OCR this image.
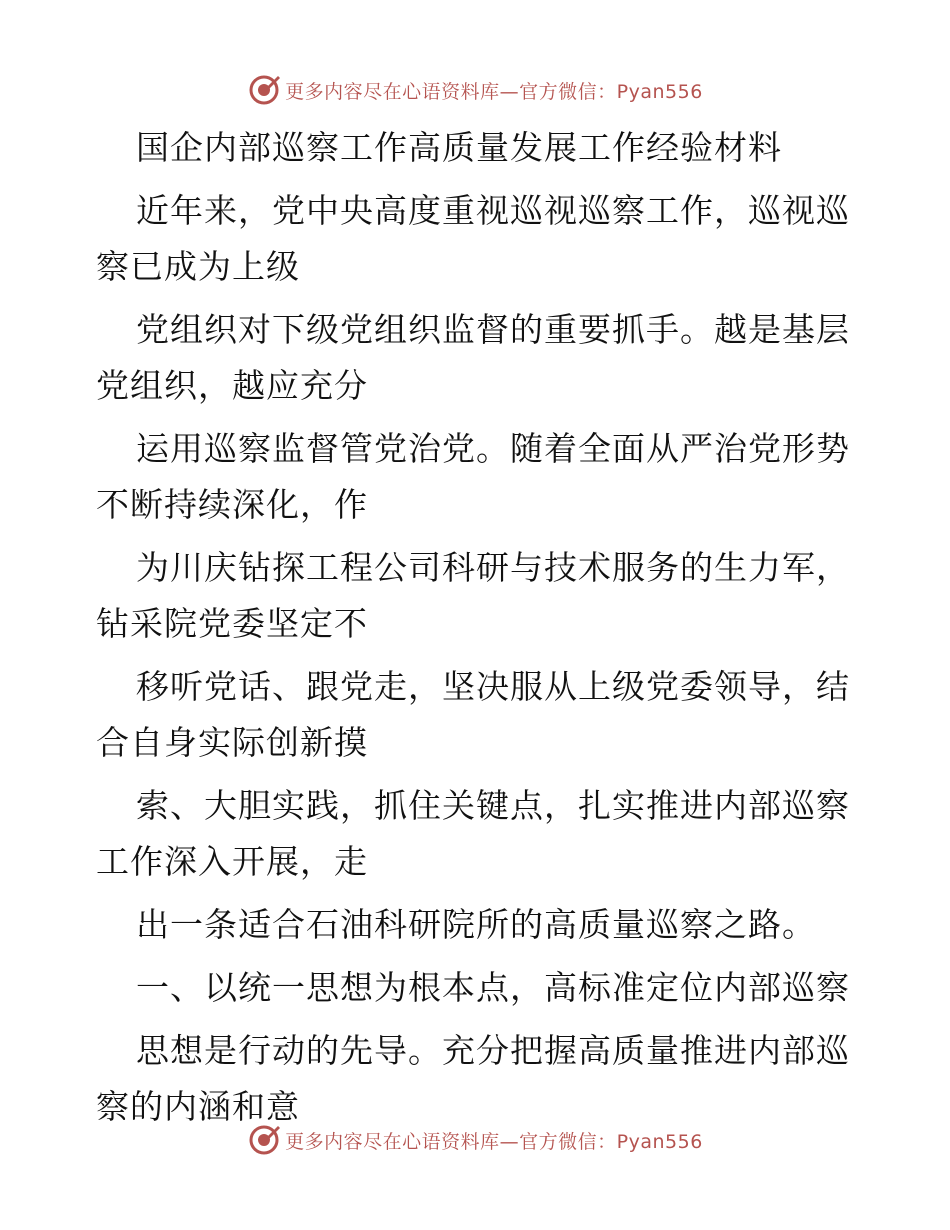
更多内容尽在心语资料库—官方微信：Pyan556
国企内部巡察工作高质量发展工作经验材料
近年来，党中央高度重视巡视巡察工作，巡视巡
察已成为上级
党组织对下级党组织监督的重要抓手。越是基层
党组织，越应充分
运用巡察监督管党治党。随着全面从严治党形势
不断持续深化，作
为川庆钻探工程公司科研与技术服务的生力军，
钻采院党委坚定不
移听党话、跟党走，坚决服从上级党委领导，结
合自身实际创新摸
索、大胆实践，抓住关键点，扎实推进内部巡察
工作深入开展，走
出一条适合石油科研院所的高质量巡察之路。
一、以统一思想为根本点，高标准定位内部巡察
思想是行动的先导。充分把握高质量推进内部巡
察的内涵和意
更多内容尽在心语资料库—官方微信：Pyan556
